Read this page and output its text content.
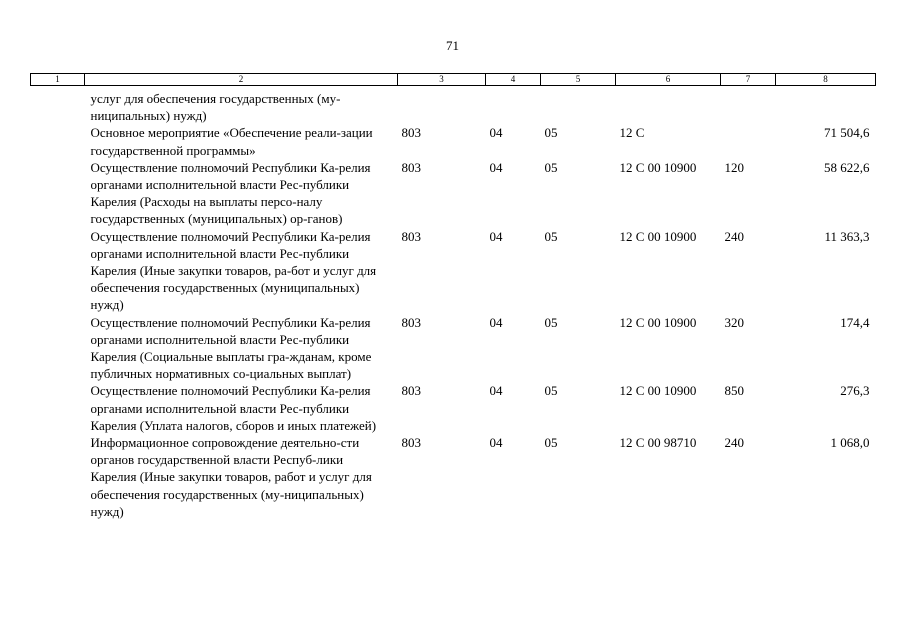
71
1	2	3	4	5	6	7	8
	услуг для обеспечения государственных (му-ниципальных) нужд)						
	Основное мероприятие «Обеспечение реали-зации государственной программы»	803	04	05	12 С		71 504,6
	Осуществление полномочий Республики Ка-релия органами исполнительной власти Рес-публики Карелия (Расходы на выплаты персо-налу государственных (муниципальных) ор-ганов)	803	04	05	12 С 00 10900	120	58 622,6
	Осуществление полномочий Республики Ка-релия органами исполнительной власти Рес-публики Карелия (Иные закупки товаров, ра-бот и услуг для обеспечения государственных (муниципальных) нужд)	803	04	05	12 С 00 10900	240	11 363,3
	Осуществление полномочий Республики Ка-релия органами исполнительной власти Рес-публики Карелия (Социальные выплаты гра-жданам, кроме публичных нормативных со-циальных выплат)	803	04	05	12 С 00 10900	320	174,4
	Осуществление полномочий Республики Ка-релия органами исполнительной власти Рес-публики Карелия (Уплата налогов, сборов и иных платежей)	803	04	05	12 С 00 10900	850	276,3
	Информационное сопровождение деятельно-сти органов государственной власти Респуб-лики Карелия (Иные закупки товаров, работ и услуг для обеспечения государственных (му-ниципальных) нужд)	803	04	05	12 С 00 98710	240	1 068,0
